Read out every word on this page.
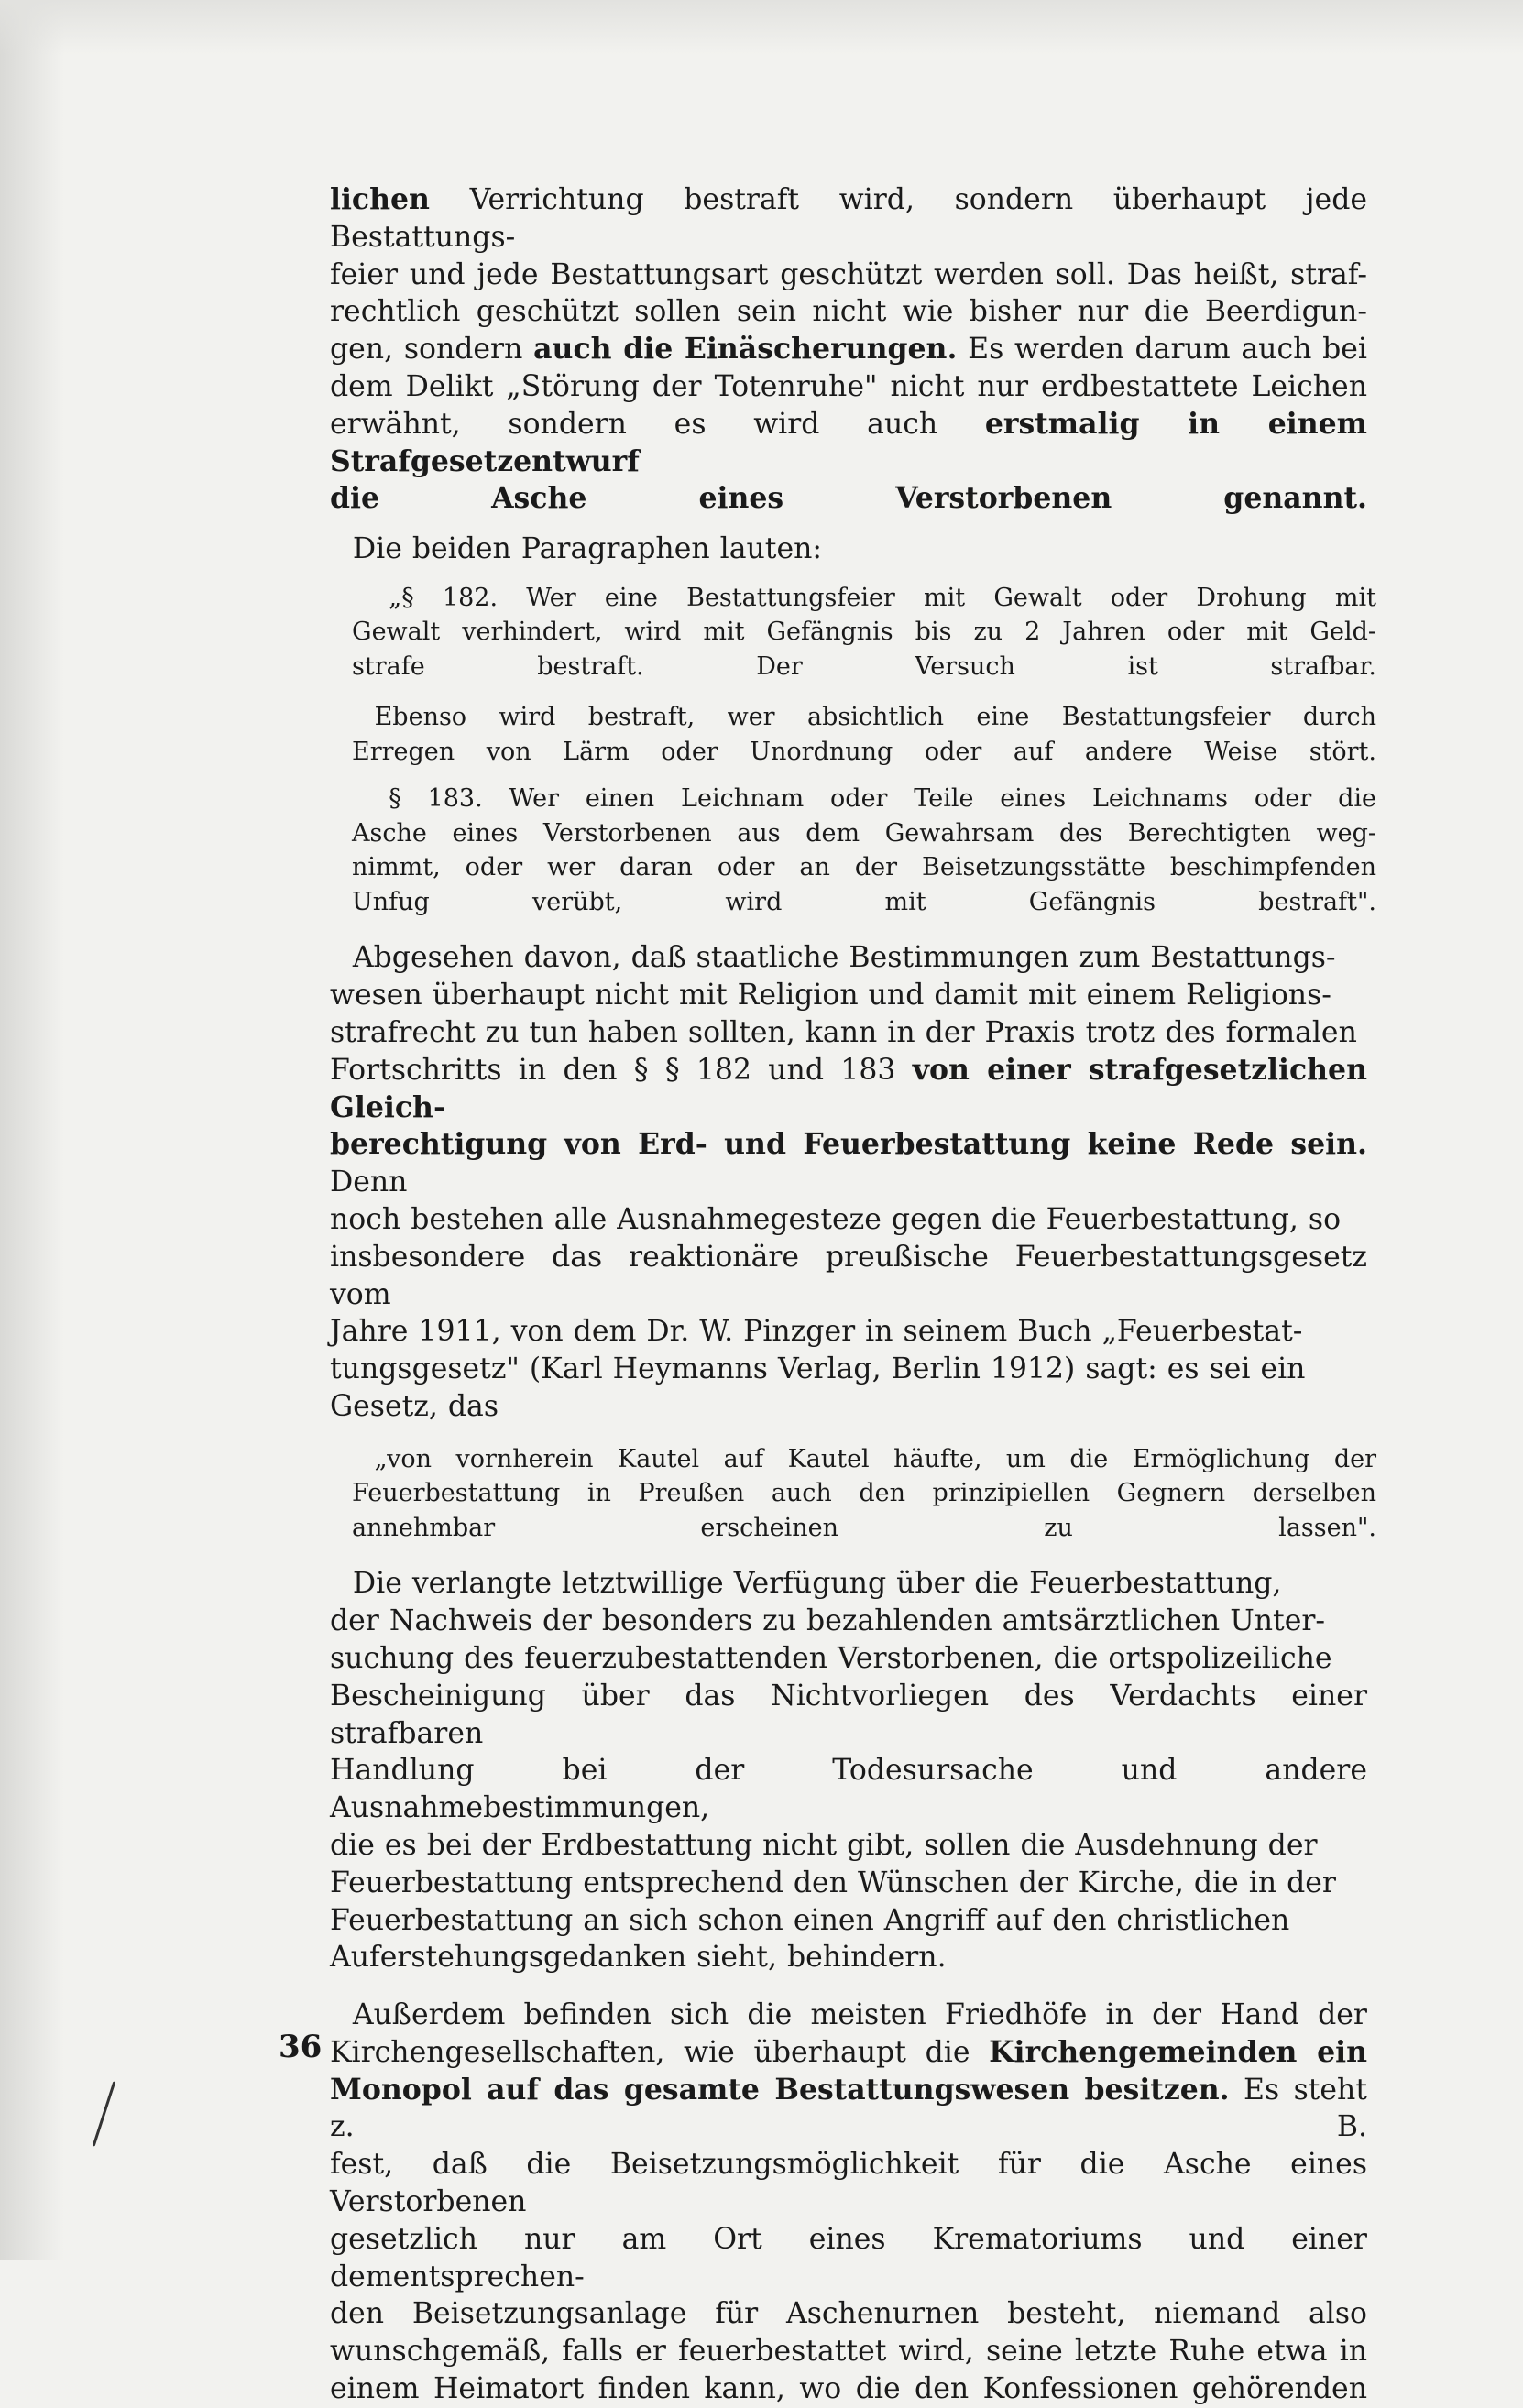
lichen Verrichtung bestraft wird, sondern überhaupt jede Bestattungs-
feier und jede Bestattungsart geschützt werden soll. Das heißt, straf-
rechtlich geschützt sollen sein nicht wie bisher nur die Beerdigun-
gen, sondern auch die Einäscherungen. Es werden darum auch bei
dem Delikt „Störung der Totenruhe" nicht nur erdbestattete Leichen
erwähnt, sondern es wird auch erstmalig in einem Strafgesetzentwurf
die Asche eines Verstorbenen genannt.

Die beiden Paragraphen lauten:

„§ 182. Wer eine Bestattungsfeier mit Gewalt oder Drohung mit
Gewalt verhindert, wird mit Gefängnis bis zu 2 Jahren oder mit Geld-
strafe bestraft. Der Versuch ist strafbar.

Ebenso wird bestraft, wer absichtlich eine Bestattungsfeier durch
Erregen von Lärm oder Unordnung oder auf andere Weise stört.

§ 183. Wer einen Leichnam oder Teile eines Leichnams oder die
Asche eines Verstorbenen aus dem Gewahrsam des Berechtigten weg-
nimmt, oder wer daran oder an der Beisetzungsstätte beschimpfenden
Unfug verübt, wird mit Gefängnis bestraft".

Abgesehen davon, daß staatliche Bestimmungen zum Bestattungs-
wesen überhaupt nicht mit Religion und damit mit einem Religions-
strafrecht zu tun haben sollten, kann in der Praxis trotz des formalen
Fortschritts in den § § 182 und 183 von einer strafgesetzlichen Gleich-
berechtigung von Erd- und Feuerbestattung keine Rede sein. Denn
noch bestehen alle Ausnahmegesteze gegen die Feuerbestattung, so
insbesondere das reaktionäre preußische Feuerbestattungsgesetz vom
Jahre 1911, von dem Dr. W. Pinzger in seinem Buch „Feuerbestat-
tungsgesetz" (Karl Heymanns Verlag, Berlin 1912) sagt: es sei ein
Gesetz, das

„von vornherein Kautel auf Kautel häufte, um die Ermöglichung der
Feuerbestattung in Preußen auch den prinzipiellen Gegnern derselben
annehmbar erscheinen zu lassen".

Die verlangte letztwillige Verfügung über die Feuerbestattung,
der Nachweis der besonders zu bezahlenden amtsärztlichen Unter-
suchung des feuerzubestattenden Verstorbenen, die ortspolizeiliche
Bescheinigung über das Nichtvorliegen des Verdachts einer strafbaren
Handlung bei der Todesursache und andere Ausnahmebestimmungen,
die es bei der Erdbestattung nicht gibt, sollen die Ausdehnung der
Feuerbestattung entsprechend den Wünschen der Kirche, die in der
Feuerbestattung an sich schon einen Angriff auf den christlichen
Auferstehungsgedanken sieht, behindern.

Außerdem befinden sich die meisten Friedhöfe in der Hand der
Kirchengesellschaften, wie überhaupt die Kirchengemeinden ein
Monopol auf das gesamte Bestattungswesen besitzen. Es steht z. B.
fest, daß die Beisetzungsmöglichkeit für die Asche eines Verstorbenen
gesetzlich nur am Ort eines Krematoriums und einer dementsprechen-
den Beisetzungsanlage für Aschenurnen besteht, niemand also
wunschgemäß, falls er feuerbestattet wird, seine letzte Ruhe etwa in
einem Heimatort finden kann, wo die den Konfessionen gehörenden

36
